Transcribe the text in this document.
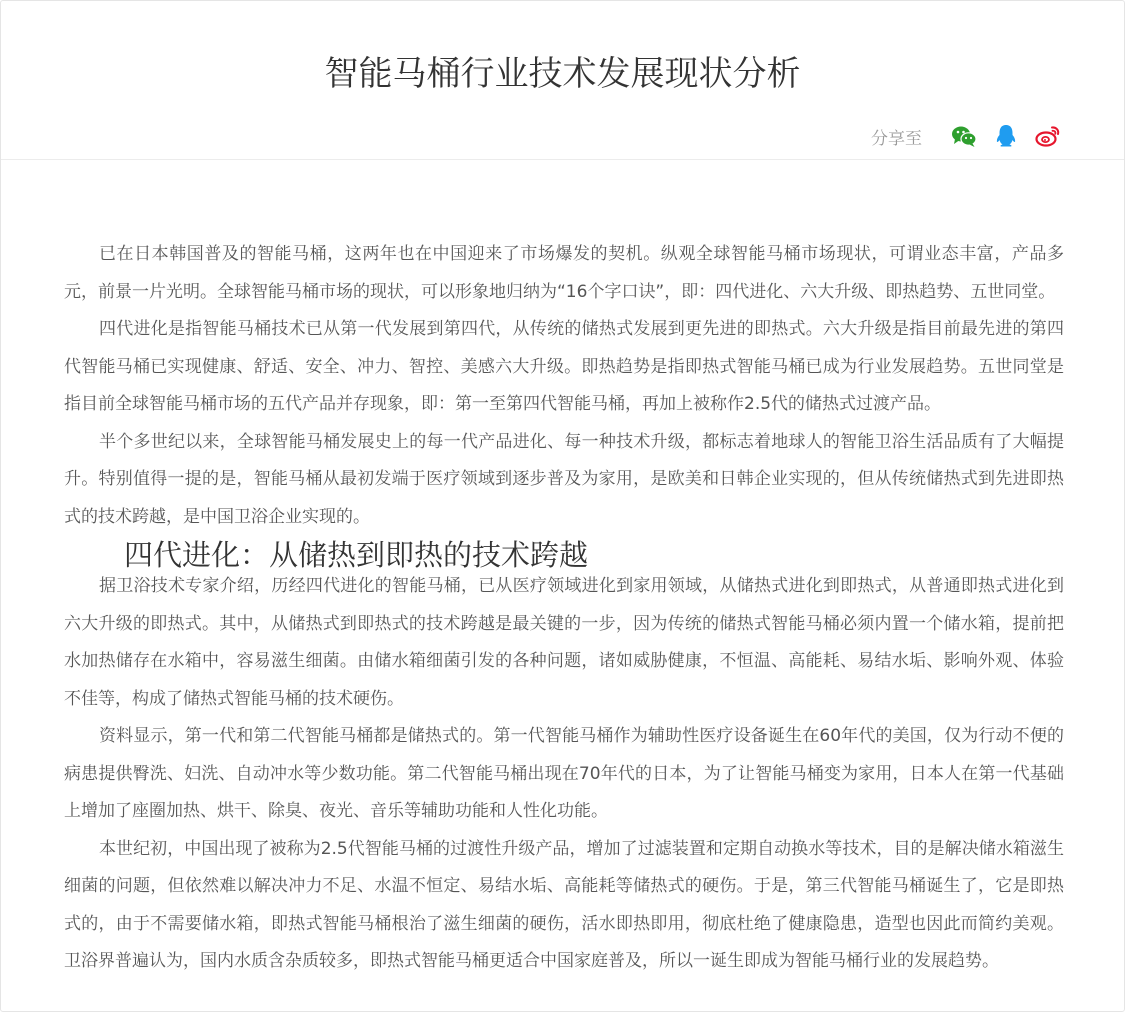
智能马桶行业技术发展现状分析
分享至

已在日本韩国普及的智能马桶，这两年也在中国迎来了市场爆发的契机。纵观全球智能马桶市场现状，可谓业态丰富，产品多元，前景一片光明。全球智能马桶市场的现状，可以形象地归纳为“16个字口诀”，即：四代进化、六大升级、即热趋势、五世同堂。

四代进化是指智能马桶技术已从第一代发展到第四代，从传统的储热式发展到更先进的即热式。六大升级是指目前最先进的第四代智能马桶已实现健康、舒适、安全、冲力、智控、美感六大升级。即热趋势是指即热式智能马桶已成为行业发展趋势。五世同堂是指目前全球智能马桶市场的五代产品并存现象，即：第一至第四代智能马桶，再加上被称作2.5代的储热式过渡产品。

半个多世纪以来，全球智能马桶发展史上的每一代产品进化、每一种技术升级，都标志着地球人的智能卫浴生活品质有了大幅提升。特别值得一提的是，智能马桶从最初发端于医疗领域到逐步普及为家用，是欧美和日韩企业实现的，但从传统储热式到先进即热式的技术跨越，是中国卫浴企业实现的。

四代进化：从储热到即热的技术跨越

据卫浴技术专家介绍，历经四代进化的智能马桶，已从医疗领域进化到家用领域，从储热式进化到即热式，从普通即热式进化到六大升级的即热式。其中，从储热式到即热式的技术跨越是最关键的一步，因为传统的储热式智能马桶必须内置一个储水箱，提前把水加热储存在水箱中，容易滋生细菌。由储水箱细菌引发的各种问题，诸如威胁健康，不恒温、高能耗、易结水垢、影响外观、体验不佳等，构成了储热式智能马桶的技术硬伤。

资料显示，第一代和第二代智能马桶都是储热式的。第一代智能马桶作为辅助性医疗设备诞生在60年代的美国，仅为行动不便的病患提供臀洗、妇洗、自动冲水等少数功能。第二代智能马桶出现在70年代的日本，为了让智能马桶变为家用，日本人在第一代基础上增加了座圈加热、烘干、除臭、夜光、音乐等辅助功能和人性化功能。

本世纪初，中国出现了被称为2.5代智能马桶的过渡性升级产品，增加了过滤装置和定期自动换水等技术，目的是解决储水箱滋生细菌的问题，但依然难以解决冲力不足、水温不恒定、易结水垢、高能耗等储热式的硬伤。于是，第三代智能马桶诞生了，它是即热式的，由于不需要储水箱，即热式智能马桶根治了滋生细菌的硬伤，活水即热即用，彻底杜绝了健康隐患，造型也因此而简约美观。卫浴界普遍认为，国内水质含杂质较多，即热式智能马桶更适合中国家庭普及，所以一诞生即成为智能马桶行业的发展趋势。
